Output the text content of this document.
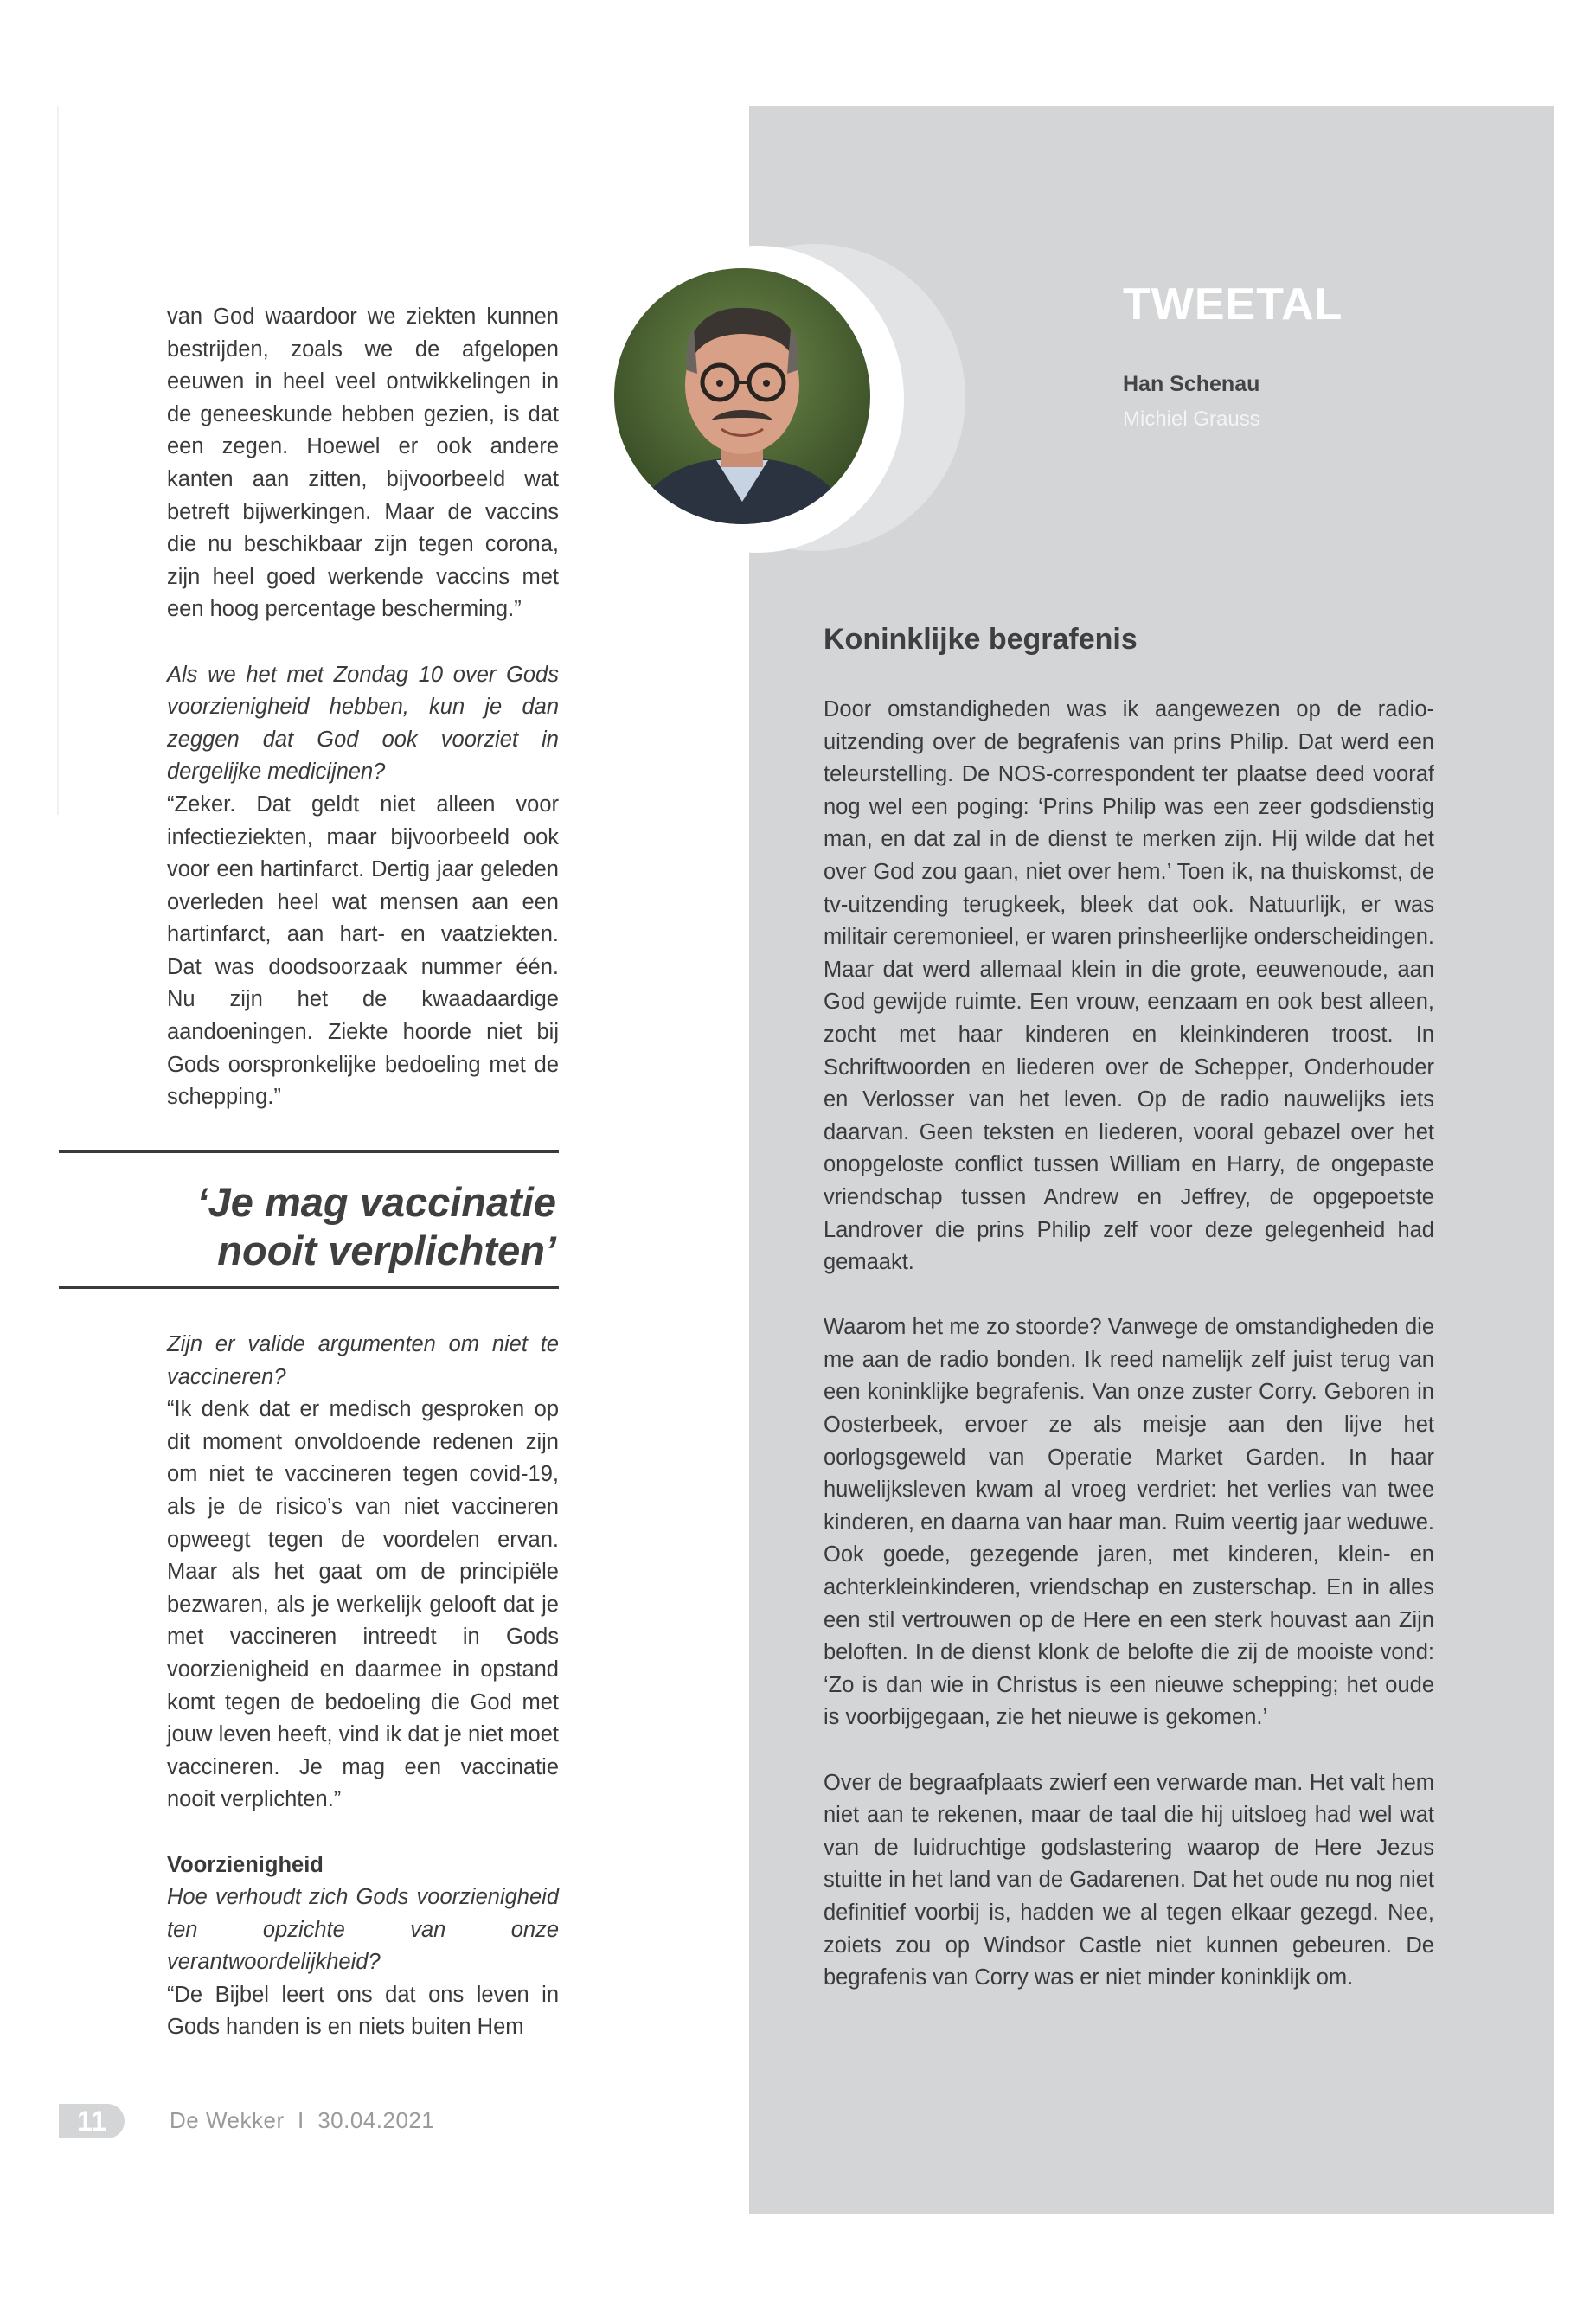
van God waardoor we ziekten kunnen bestrijden, zoals we de afgelopen eeuwen in heel veel ontwikkelingen in de geneeskunde hebben gezien, is dat een zegen. Hoewel er ook andere kanten aan zitten, bijvoorbeeld wat betreft bijwerkingen. Maar de vaccins die nu beschikbaar zijn tegen corona, zijn heel goed werkende vaccins met een hoog percentage bescherming.”

Als we het met Zondag 10 over Gods voorzienigheid hebben, kun je dan zeggen dat God ook voorziet in dergelijke medicijnen?

“Zeker. Dat geldt niet alleen voor infectieziekten, maar bijvoorbeeld ook voor een hartinfarct. Dertig jaar geleden overleden heel wat mensen aan een hartinfarct, aan hart- en vaatziekten. Dat was doodsoorzaak nummer één. Nu zijn het de kwaadaardige aandoeningen. Ziekte hoorde niet bij Gods oorspronkelijke bedoeling met de schepping.”

‘Je mag vaccinatie
nooit verplichten’

Zijn er valide argumenten om niet te vaccineren?

“Ik denk dat er medisch gesproken op dit moment onvoldoende redenen zijn om niet te vaccineren tegen covid-19, als je de risico’s van niet vaccineren opweegt tegen de voordelen ervan. Maar als het gaat om de principiële bezwaren, als je werkelijk gelooft dat je met vaccineren intreedt in Gods voorzienigheid en daarmee in opstand komt tegen de bedoeling die God met jouw leven heeft, vind ik dat je niet moet vaccineren. Je mag een vaccinatie nooit verplichten.”

Voorzienigheid

Hoe verhoudt zich Gods voorzienigheid ten opzichte van onze verantwoordelijkheid?

“De Bijbel leert ons dat ons leven in Gods handen is en niets buiten Hem

TWEETAL
Han Schenau
Michiel Grauss
Koninklijke begrafenis

Door omstandigheden was ik aangewezen op de radio-uitzending over de begrafenis van prins Philip. Dat werd een teleurstelling. De NOS-correspondent ter plaatse deed vooraf nog wel een poging: ‘Prins Philip was een zeer godsdienstig man, en dat zal in de dienst te merken zijn. Hij wilde dat het over God zou gaan, niet over hem.’ Toen ik, na thuiskomst, de tv-uitzending terugkeek, bleek dat ook. Natuurlijk, er was militair ceremonieel, er waren prinsheerlijke onderscheidingen. Maar dat werd allemaal klein in die grote, eeuwenoude, aan God gewijde ruimte. Een vrouw, eenzaam en ook best alleen, zocht met haar kinderen en kleinkinderen troost. In Schriftwoorden en liederen over de Schepper, Onderhouder en Verlosser van het leven. Op de radio nauwelijks iets daarvan. Geen teksten en liederen, vooral gebazel over het onopgeloste conflict tussen William en Harry, de ongepaste vriendschap tussen Andrew en Jeffrey, de opgepoetste Landrover die prins Philip zelf voor deze gelegenheid had gemaakt.

Waarom het me zo stoorde? Vanwege de omstandigheden die me aan de radio bonden. Ik reed namelijk zelf juist terug van een koninklijke begrafenis. Van onze zuster Corry. Geboren in Oosterbeek, ervoer ze als meisje aan den lijve het oorlogsgeweld van Operatie Market Garden. In haar huwelijksleven kwam al vroeg verdriet: het verlies van twee kinderen, en daarna van haar man. Ruim veertig jaar weduwe. Ook goede, gezegende jaren, met kinderen, klein- en achterkleinkinderen, vriendschap en zusterschap. En in alles een stil vertrouwen op de Here en een sterk houvast aan Zijn beloften. In de dienst klonk de belofte die zij de mooiste vond: ‘Zo is dan wie in Christus is een nieuwe schepping; het oude is voorbijgegaan, zie het nieuwe is gekomen.’

Over de begraafplaats zwierf een verwarde man. Het valt hem niet aan te rekenen, maar de taal die hij uitsloeg had wel wat van de luidruchtige godslastering waarop de Here Jezus stuitte in het land van de Gadarenen. Dat het oude nu nog niet definitief voorbij is, hadden we al tegen elkaar gezegd. Nee, zoiets zou op Windsor Castle niet kunnen gebeuren. De begrafenis van Corry was er niet minder koninklijk om.

11	De Wekker  I  30.04.2021
